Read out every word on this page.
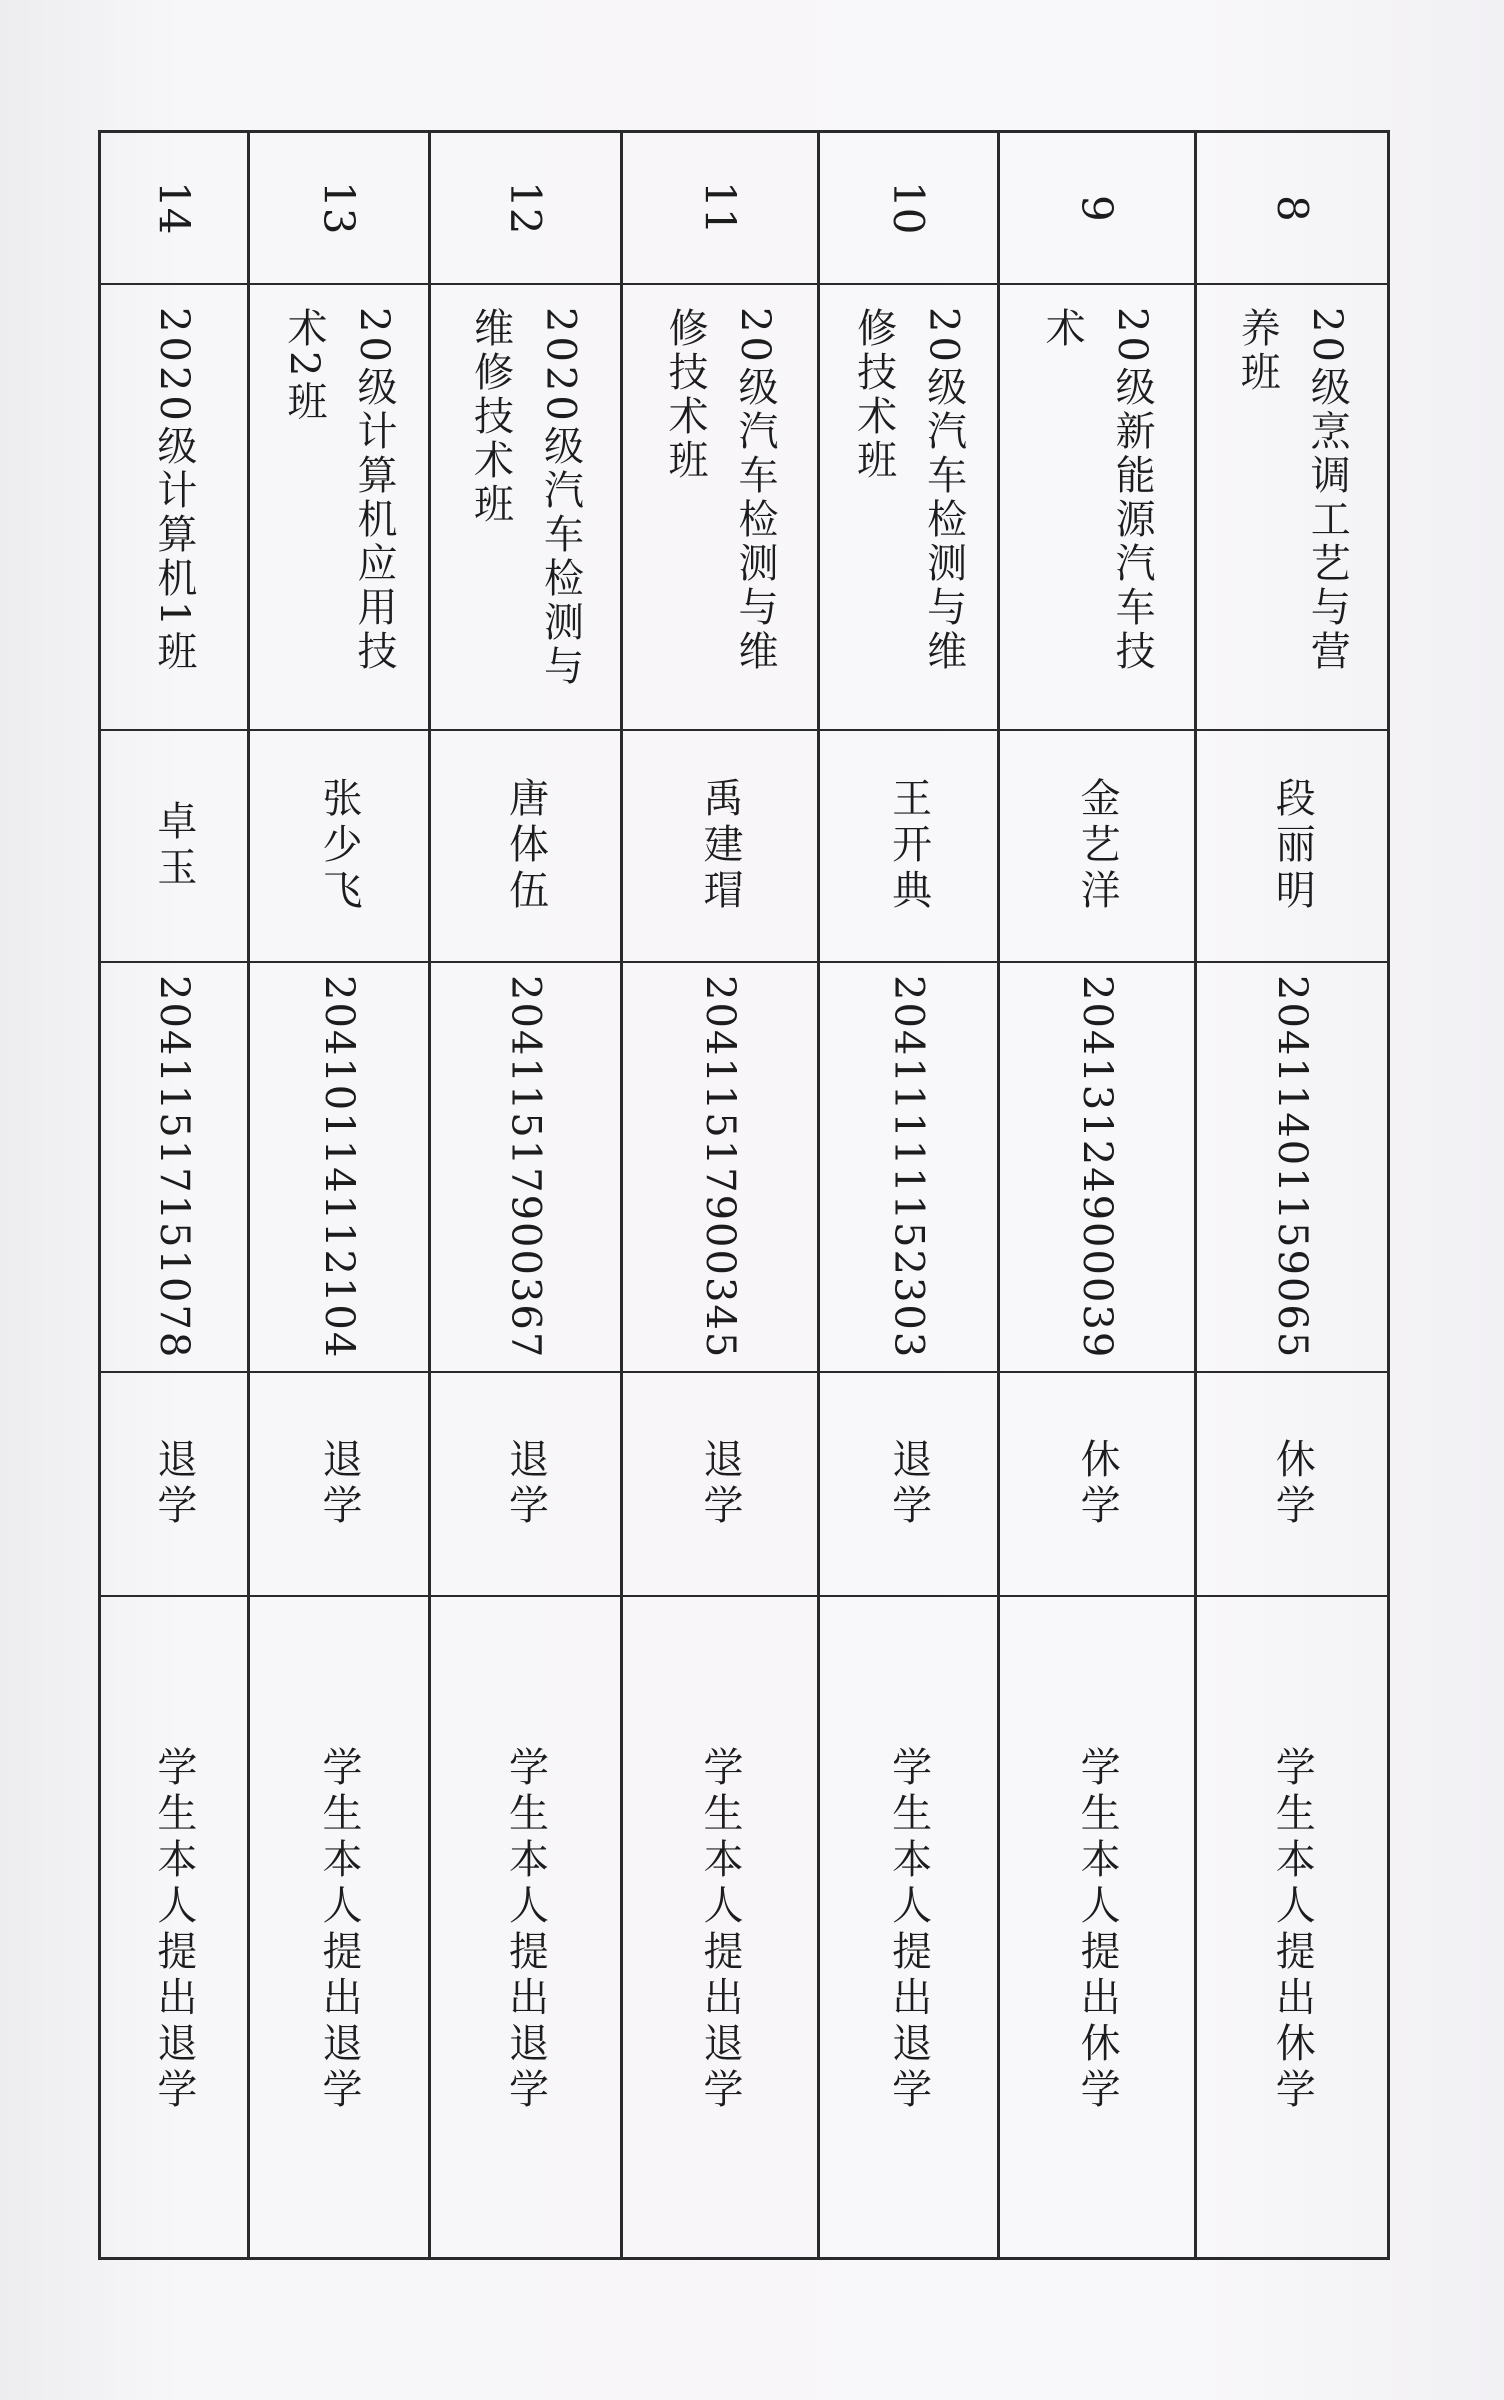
8
20级烹调工艺与营养班
段丽明
20411401159065
休学
学生本人提出休学
9
20级新能源汽车技术
金艺洋
20413124900039
休学
学生本人提出休学
10
20级汽车检测与维修技术班
王开典
20411111152303
退学
学生本人提出退学
11
20级汽车检测与维修技术班
禹建瑁
20411517900345
退学
学生本人提出退学
12
2020级汽车检测与维修技术班
唐体伍
20411517900367
退学
学生本人提出退学
13
20级计算机应用技术2班
张少飞
20410114112104
退学
学生本人提出退学
14
2020级计算机1班
卓玉
20411517151078
退学
学生本人提出退学
